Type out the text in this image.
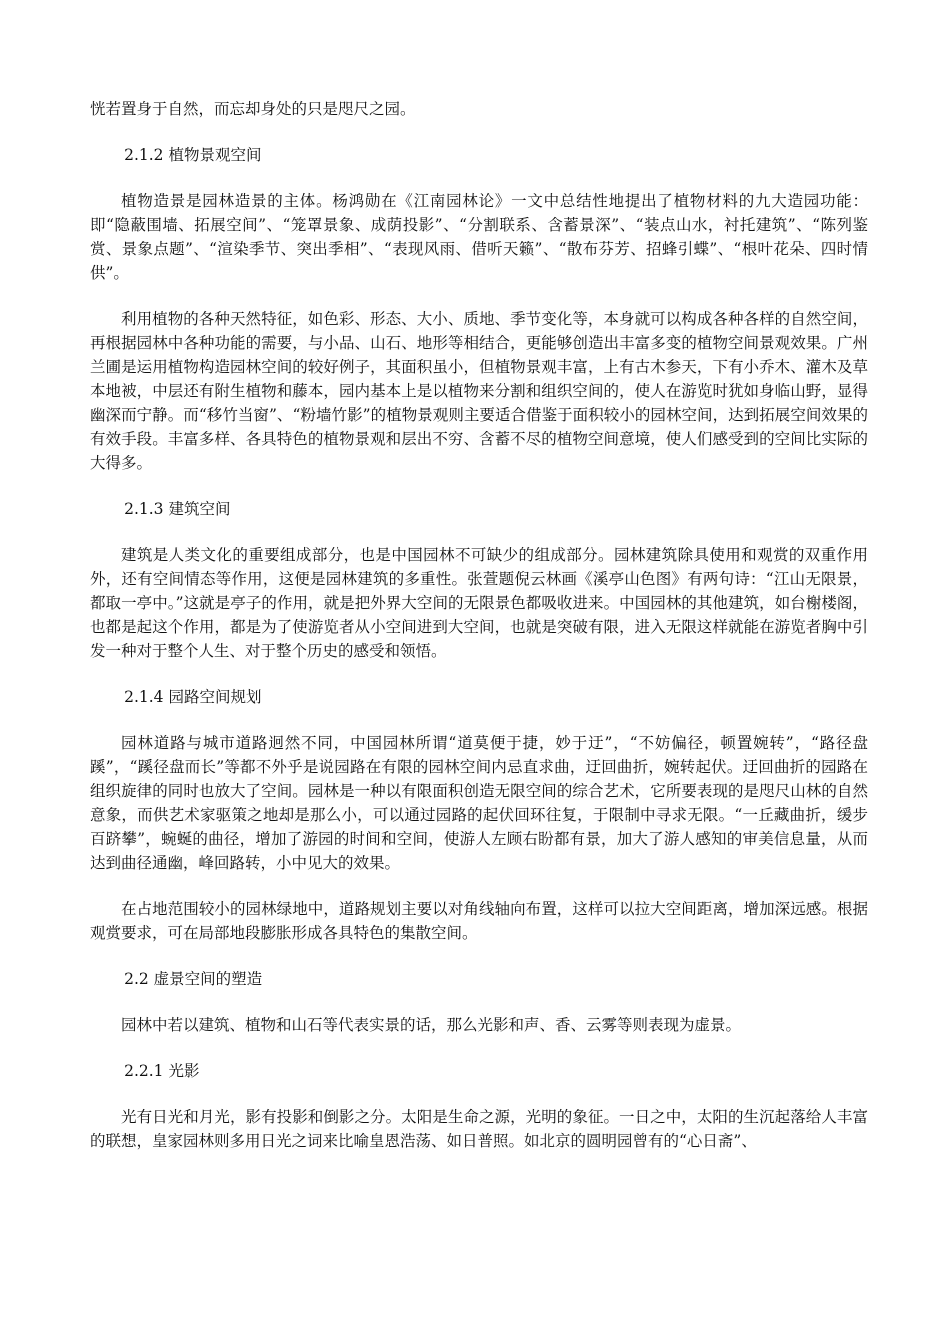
恍若置身于自然，而忘却身处的只是咫尺之园。

2.1.2 植物景观空间

植物造景是园林造景的主体。杨鸿勋在《江南园林论》一文中总结性地提出了植物材料的九大造园功能：即“隐蔽围墙、拓展空间”、“笼罩景象、成荫投影”、“分割联系、含蓄景深”、“装点山水，衬托建筑”、“陈列鉴赏、景象点题”、“渲染季节、突出季相”、“表现风雨、借听天籁”、“散布芬芳、招蜂引蝶”、“根叶花朵、四时情供”。

利用植物的各种天然特征，如色彩、形态、大小、质地、季节变化等，本身就可以构成各种各样的自然空间，再根据园林中各种功能的需要，与小品、山石、地形等相结合，更能够创造出丰富多变的植物空间景观效果。广州兰圃是运用植物构造园林空间的较好例子，其面积虽小，但植物景观丰富，上有古木参天，下有小乔木、灌木及草本地被，中层还有附生植物和藤本，园内基本上是以植物来分割和组织空间的，使人在游览时犹如身临山野，显得幽深而宁静。而“移竹当窗”、“粉墙竹影”的植物景观则主要适合借鉴于面积较小的园林空间，达到拓展空间效果的有效手段。丰富多样、各具特色的植物景观和层出不穷、含蓄不尽的植物空间意境，使人们感受到的空间比实际的大得多。

2.1.3 建筑空间

建筑是人类文化的重要组成部分，也是中国园林不可缺少的组成部分。园林建筑除具使用和观赏的双重作用外，还有空间情态等作用，这便是园林建筑的多重性。张萱题倪云林画《溪亭山色图》有两句诗：“江山无限景，都取一亭中。”这就是亭子的作用，就是把外界大空间的无限景色都吸收进来。中国园林的其他建筑，如台榭楼阁，也都是起这个作用，都是为了使游览者从小空间进到大空间，也就是突破有限，进入无限这样就能在游览者胸中引发一种对于整个人生、对于整个历史的感受和领悟。

2.1.4 园路空间规划

园林道路与城市道路迥然不同，中国园林所谓“道莫便于捷，妙于迂”，“不妨偏径，顿置婉转”，“路径盘蹊”，“蹊径盘而长”等都不外乎是说园路在有限的园林空间内忌直求曲，迂回曲折，婉转起伏。迂回曲折的园路在组织旋律的同时也放大了空间。园林是一种以有限面积创造无限空间的综合艺术，它所要表现的是咫尺山林的自然意象，而供艺术家驱策之地却是那么小，可以通过园路的起伏回环往复，于限制中寻求无限。“一丘藏曲折，缓步百跻攀”，蜿蜒的曲径，增加了游园的时间和空间，使游人左顾右盼都有景，加大了游人感知的审美信息量，从而达到曲径通幽，峰回路转，小中见大的效果。

在占地范围较小的园林绿地中，道路规划主要以对角线轴向布置，这样可以拉大空间距离，增加深远感。根据观赏要求，可在局部地段膨胀形成各具特色的集散空间。

2.2 虚景空间的塑造

园林中若以建筑、植物和山石等代表实景的话，那么光影和声、香、云雾等则表现为虚景。

2.2.1 光影

光有日光和月光，影有投影和倒影之分。太阳是生命之源，光明的象征。一日之中，太阳的生沉起落给人丰富的联想，皇家园林则多用日光之词来比喻皇恩浩荡、如日普照。如北京的圆明园曾有的“心日斋”、
